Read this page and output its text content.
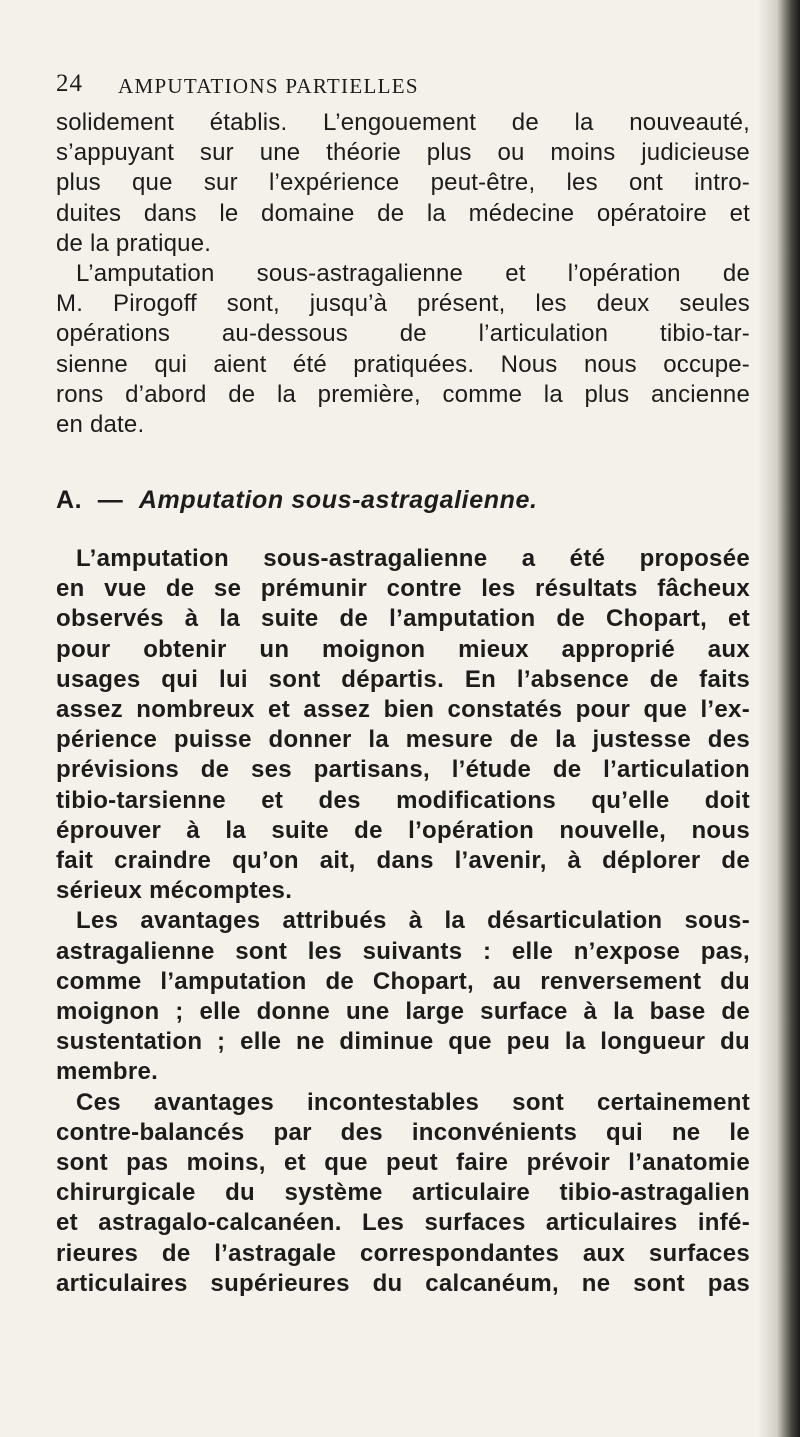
24 AMPUTATIONS PARTIELLES
solidement établis. L’engouement de la nouveauté,
s’appuyant sur une théorie plus ou moins judicieuse
plus que sur l’expérience peut-être, les ont intro-
duites dans le domaine de la médecine opératoire et
de la pratique.
L’amputation sous-astragalienne et l’opération de
M. Pirogoff sont, jusqu’à présent, les deux seules
opérations au-dessous de l’articulation tibio-tar-
sienne qui aient été pratiquées. Nous nous occupe-
rons d’abord de la première, comme la plus ancienne
en date.
A. — Amputation sous-astragalienne.
L’amputation sous-astragalienne a été proposée
en vue de se prémunir contre les résultats fâcheux
observés à la suite de l’amputation de Chopart, et
pour obtenir un moignon mieux approprié aux
usages qui lui sont départis. En l’absence de faits
assez nombreux et assez bien constatés pour que l’ex-
périence puisse donner la mesure de la justesse des
prévisions de ses partisans, l’étude de l’articulation
tibio-tarsienne et des modifications qu’elle doit
éprouver à la suite de l’opération nouvelle, nous
fait craindre qu’on ait, dans l’avenir, à déplorer de
sérieux mécomptes.
Les avantages attribués à la désarticulation sous-
astragalienne sont les suivants : elle n’expose pas,
comme l’amputation de Chopart, au renversement du
moignon ; elle donne une large surface à la base de
sustentation ; elle ne diminue que peu la longueur du
membre.
Ces avantages incontestables sont certainement
contre-balancés par des inconvénients qui ne le
sont pas moins, et que peut faire prévoir l’anatomie
chirurgicale du système articulaire tibio-astragalien
et astragalo-calcanéen. Les surfaces articulaires infé-
rieures de l’astragale correspondantes aux surfaces
articulaires supérieures du calcanéum, ne sont pas
